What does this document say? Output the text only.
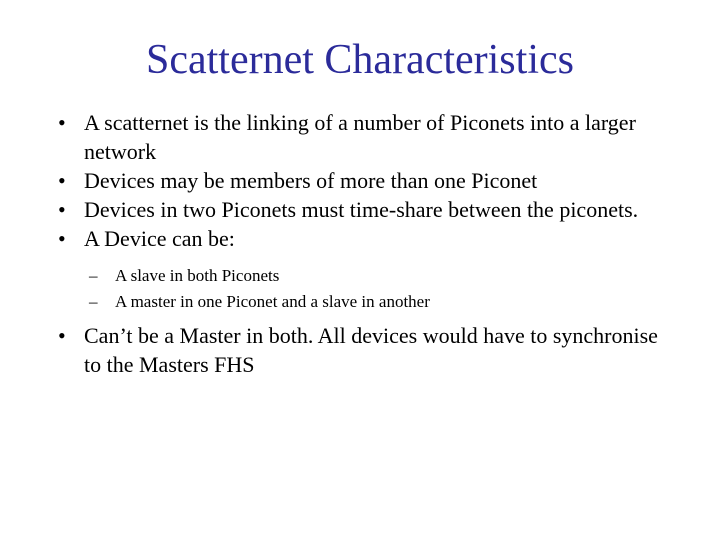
Scatternet Characteristics
• A scatternet is the linking of a number of Piconets into a larger network
• Devices may be members of more than one Piconet
• Devices in two Piconets must time-share between the piconets.
• A Device can be:
– A slave in both Piconets
– A master in one Piconet and a slave in another
• Can’t be a Master in both. All devices would have to synchronise to the Masters FHS
